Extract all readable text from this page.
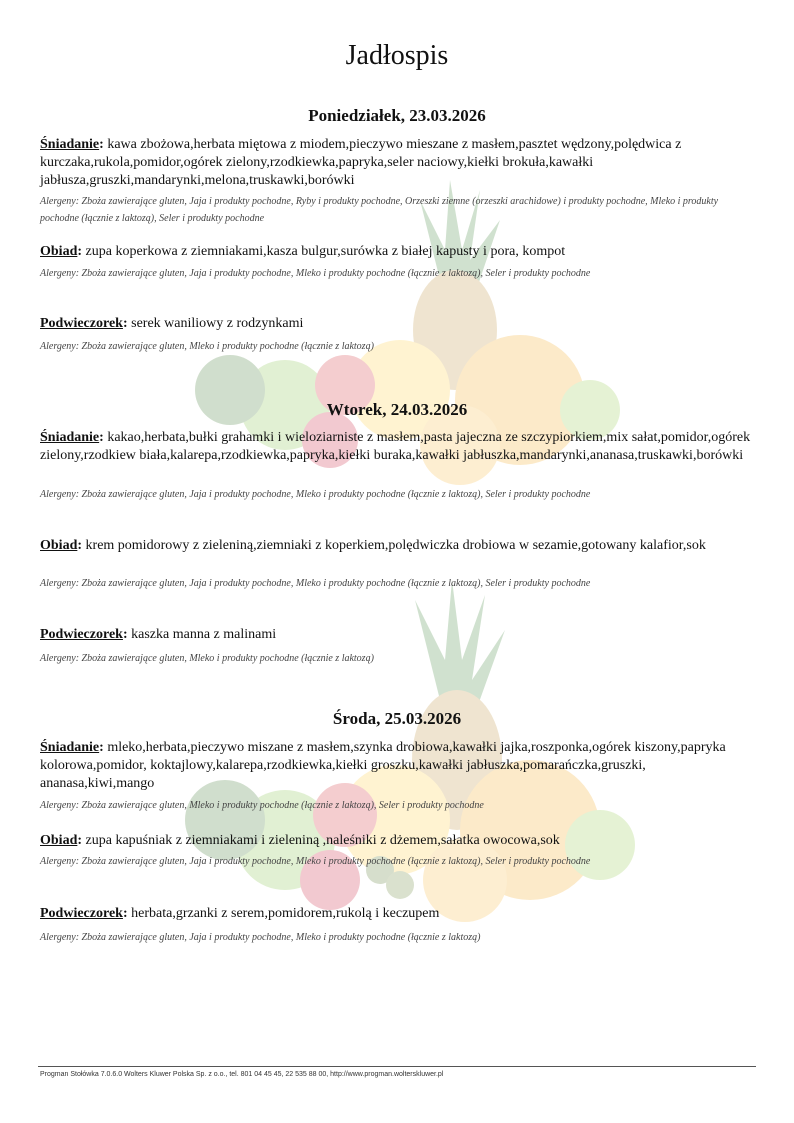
Jadłospis
Poniedziałek, 23.03.2026
Śniadanie: kawa zbożowa,herbata miętowa z miodem,pieczywo mieszane z masłem,pasztet wędzony,polędwica z kurczaka,rukola,pomidor,ogórek zielony,rzodkiewka,papryka,seler naciowy,kiełki brokuła,kawałki jabłusza,gruszki,mandarynki,melona,truskawki,borówki
Alergeny: Zboża zawierające gluten, Jaja i produkty pochodne, Ryby i produkty pochodne, Orzeszki ziemne (orzeszki arachidowe) i produkty pochodne, Mleko i produkty pochodne (łącznie z laktozą), Seler i produkty pochodne
Obiad: zupa koperkowa z ziemniakami,kasza bulgur,surówka z białej kapusty i pora, kompot
Alergeny: Zboża zawierające gluten, Jaja i produkty pochodne, Mleko i produkty pochodne (łącznie z laktozą), Seler i produkty pochodne
Podwieczorek: serek waniliowy z rodzynkami
Alergeny: Zboża zawierające gluten, Mleko i produkty pochodne (łącznie z laktozą)
Wtorek, 24.03.2026
Śniadanie: kakao,herbata,bułki grahamki i wieloziarniste z masłem,pasta jajeczna ze szczypiorkiem,mix sałat,pomidor,ogórek zielony,rzodkiew biała,kalarepa,rzodkiewka,papryka,kiełki buraka,kawałki jabłuszka,mandarynki,ananasa,truskawki,borówki
Alergeny: Zboża zawierające gluten, Jaja i produkty pochodne, Mleko i produkty pochodne (łącznie z laktozą), Seler i produkty pochodne
Obiad: krem pomidorowy z zieleniną,ziemniaki z koperkiem,polędwiczka drobiowa w sezamie,gotowany kalafior,sok
Alergeny: Zboża zawierające gluten, Jaja i produkty pochodne, Mleko i produkty pochodne (łącznie z laktozą), Seler i produkty pochodne
Podwieczorek: kaszka manna z malinami
Alergeny: Zboża zawierające gluten, Mleko i produkty pochodne (łącznie z laktozą)
Środa, 25.03.2026
Śniadanie: mleko,herbata,pieczywo miszane z masłem,szynka drobiowa,kawałki jajka,roszponka,ogórek kiszony,papryka kolorowa,pomidor, koktajlowy,kalarepa,rzodkiewka,kiełki groszku,kawałki jabłuszka,pomarańczka,gruszki, ananasa,kiwi,mango
Alergeny: Zboża zawierające gluten, Mleko i produkty pochodne (łącznie z laktozą), Seler i produkty pochodne
Obiad: zupa kapuśniak z ziemniakami i zieleniną ,naleśniki z dżemem,sałatka owocowa,sok
Alergeny: Zboża zawierające gluten, Jaja i produkty pochodne, Mleko i produkty pochodne (łącznie z laktozą), Seler i produkty pochodne
Podwieczorek: herbata,grzanki z serem,pomidorem,rukolą i keczupem
Alergeny: Zboża zawierające gluten, Jaja i produkty pochodne, Mleko i produkty pochodne (łącznie z laktozą)
Progman Stołówka 7.0.6.0 Wolters Kluwer Polska Sp. z o.o., tel. 801 04 45 45, 22 535 88 00, http://www.progman.wolterskluwer.pl
